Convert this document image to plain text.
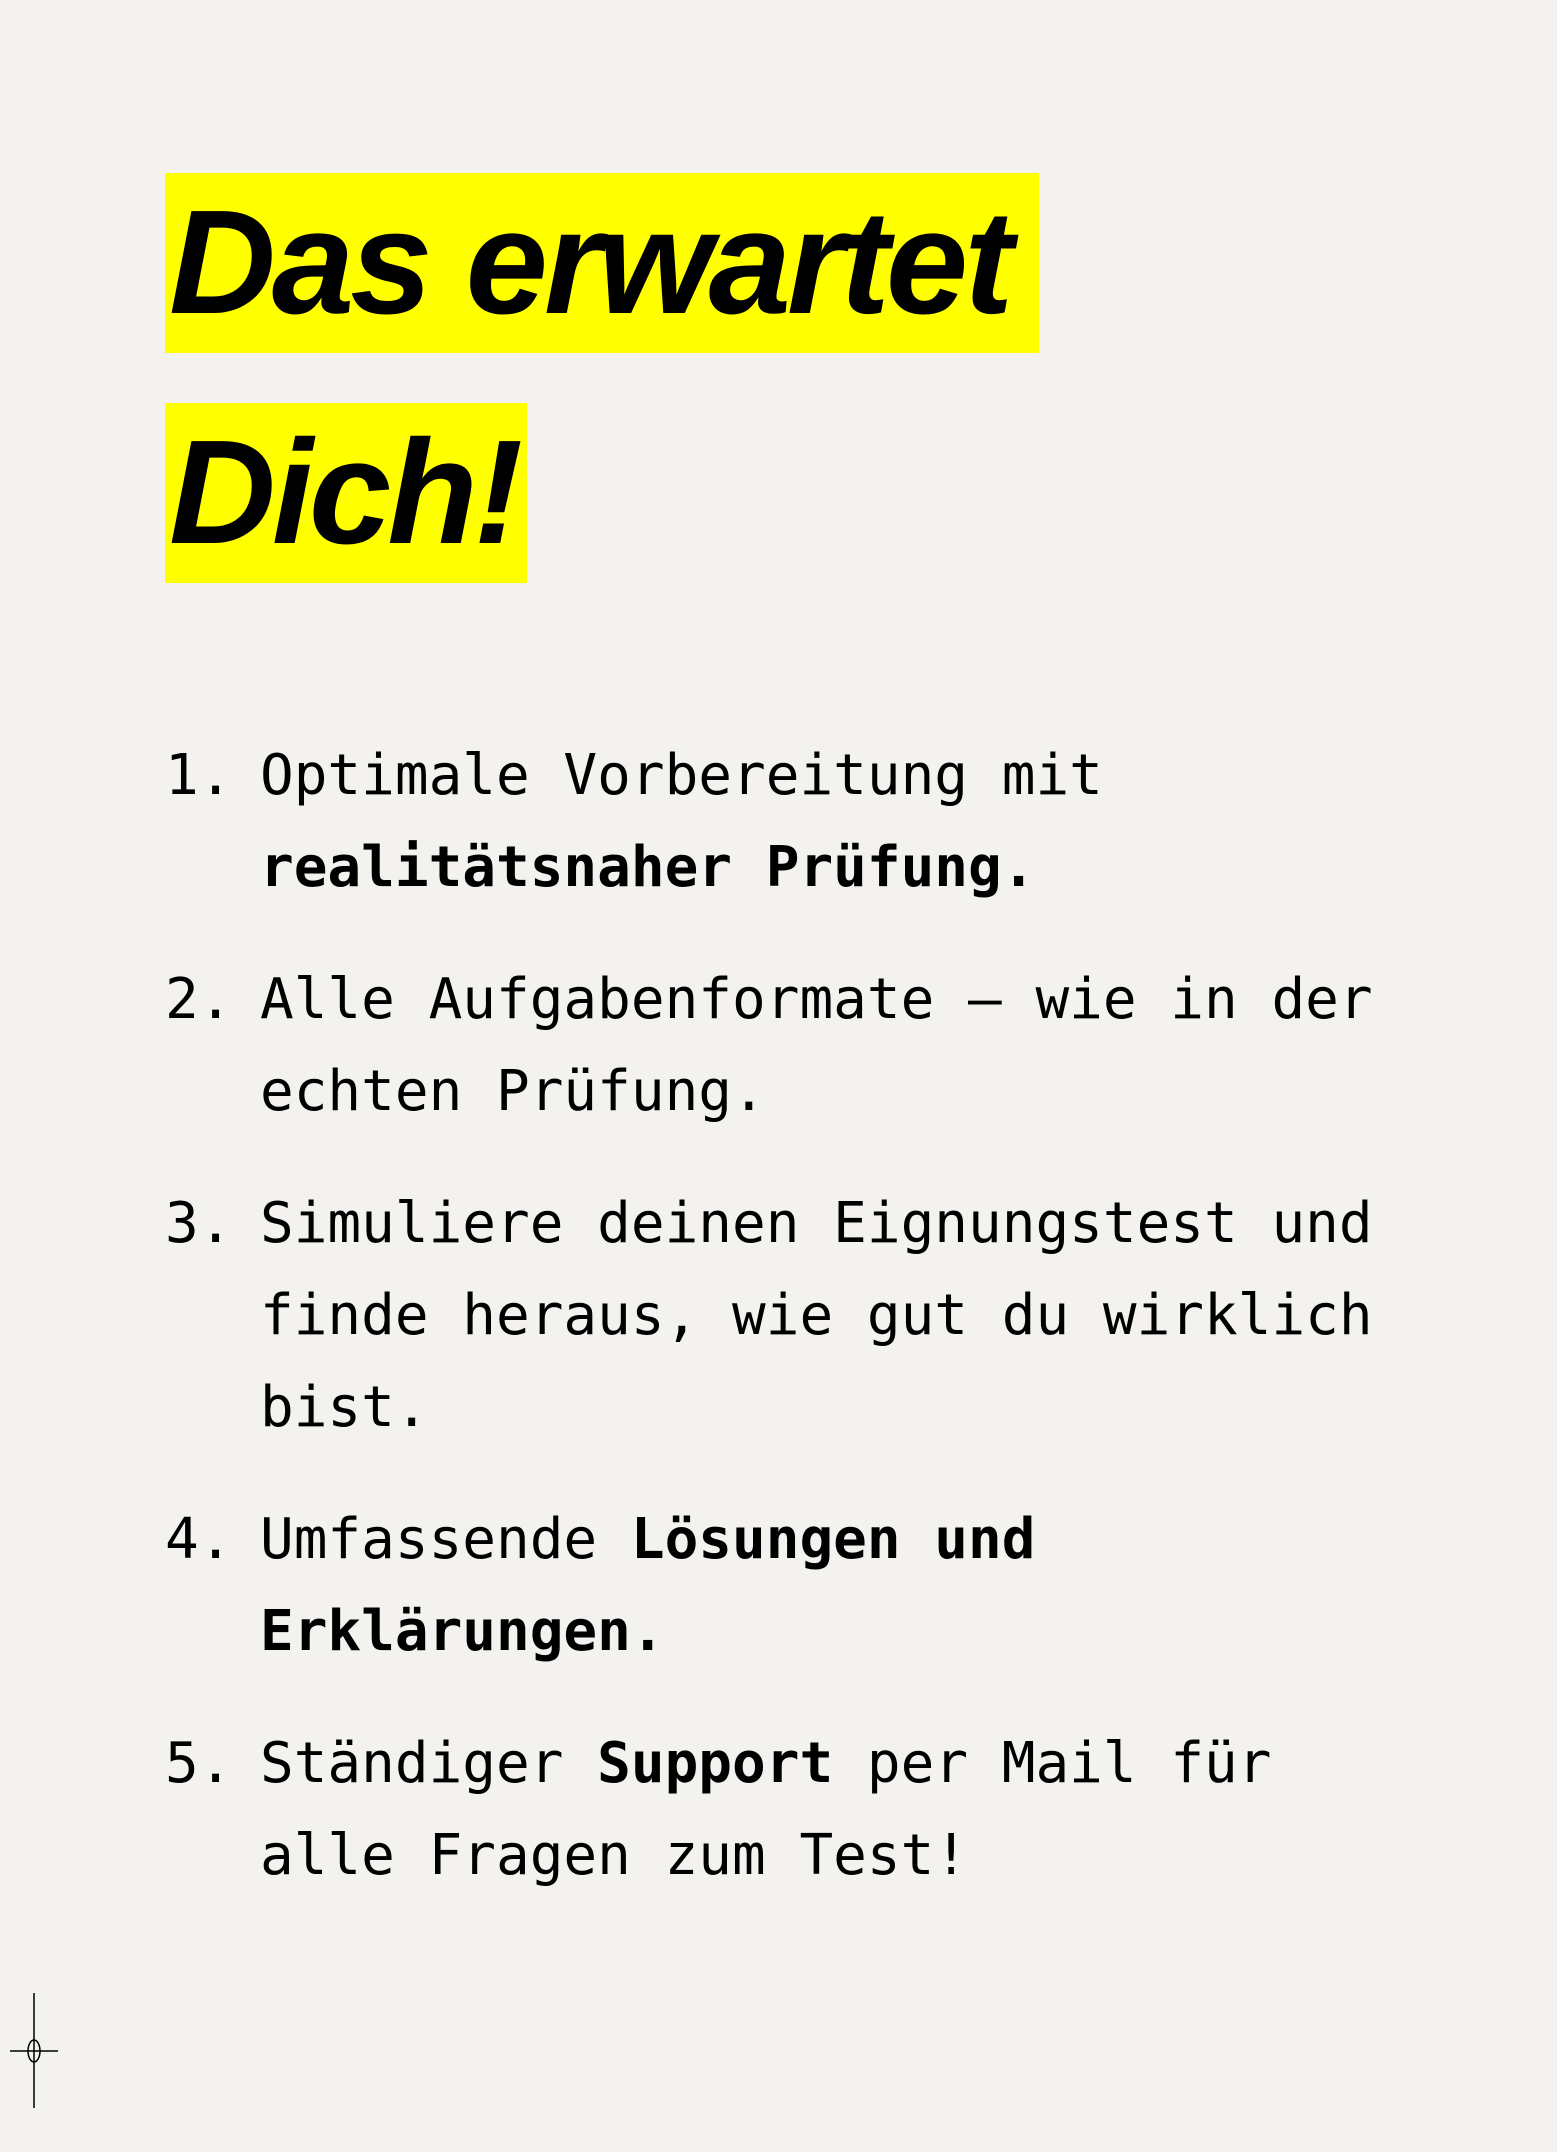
Das erwartet
Dich!
1. Optimale Vorbereitung mit realitätsnaher Prüfung.
2. Alle Aufgabenformate – wie in der echten Prüfung.
3. Simuliere deinen Eignungstest und finde heraus, wie gut du wirklich bist.
4. Umfassende Lösungen und Erklärungen.
5. Ständiger Support per Mail für alle Fragen zum Test!
